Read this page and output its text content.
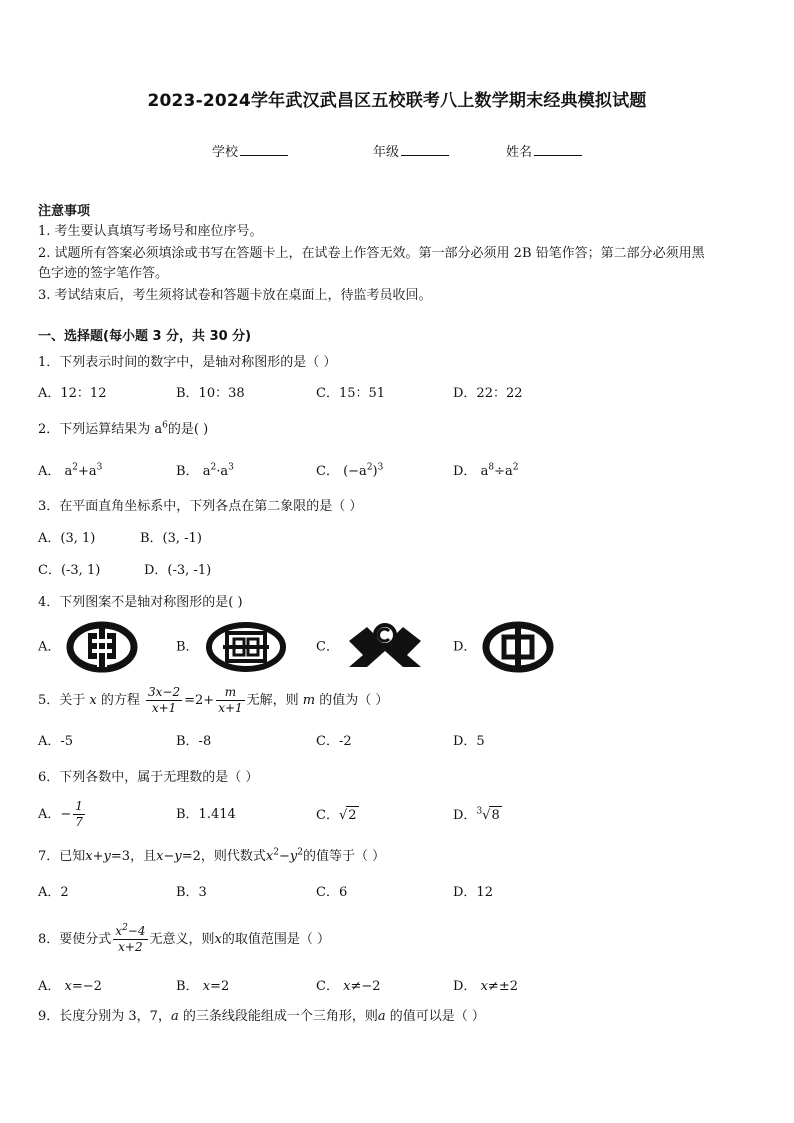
2023-2024学年武汉武昌区五校联考八上数学期末经典模拟试题
学校	年级	姓名
注意事项
1. 考生要认真填写考场号和座位序号。
2. 试题所有答案必须填涂或书写在答题卡上，在试卷上作答无效。第一部分必须用 2B 铅笔作答；第二部分必须用黑
色字迹的签字笔作答。
3. 考试结束后，考生须将试卷和答题卡放在桌面上，待监考员收回。
一、选择题(每小题 3 分，共 30 分)
1．下列表示时间的数字中，是轴对称图形的是（ ）
A．12：12	B．10：38	C．15：51	D．22：22
2．下列运算结果为 $a^6$的是( )
A． $a^2+a^3$	B． $a^2\cdot a^3$	C． $(-a^2)^3$	D． $a^8\div a^2$
3．在平面直角坐标系中，下列各点在第二象限的是（ ）
A．(3, 1)	B．(3, -1)
C．(-3, 1)	D．(-3, -1)
4．下列图案不是轴对称图形的是( )
A．	B．	C．	D．
5．关于 x 的方程 $\frac{3x-2}{x+1} =2+ \frac{m}{x+1}$ 无解，则 m 的值为（ ）
A．-5	B．-8	C．-2	D．5
6．下列各数中，属于无理数的是（ ）
A．− $\frac{1}{7}$	B．1.414	C．√2	D．$^3$√8
7．已知x+y=3，且x−y=2，则代数式$x^2-y^2$的值等于（ ）
A．2	B．3	C．6	D．12
8．要使分式 $\frac{x^2-4}{x+2}$ 无意义，则x的取值范围是（ ）
A． x=−2	B． x=2	C． x≠−2	D． x≠±2
9．长度分别为 3，7，a 的三条线段能组成一个三角形，则a 的值可以是（ ）
